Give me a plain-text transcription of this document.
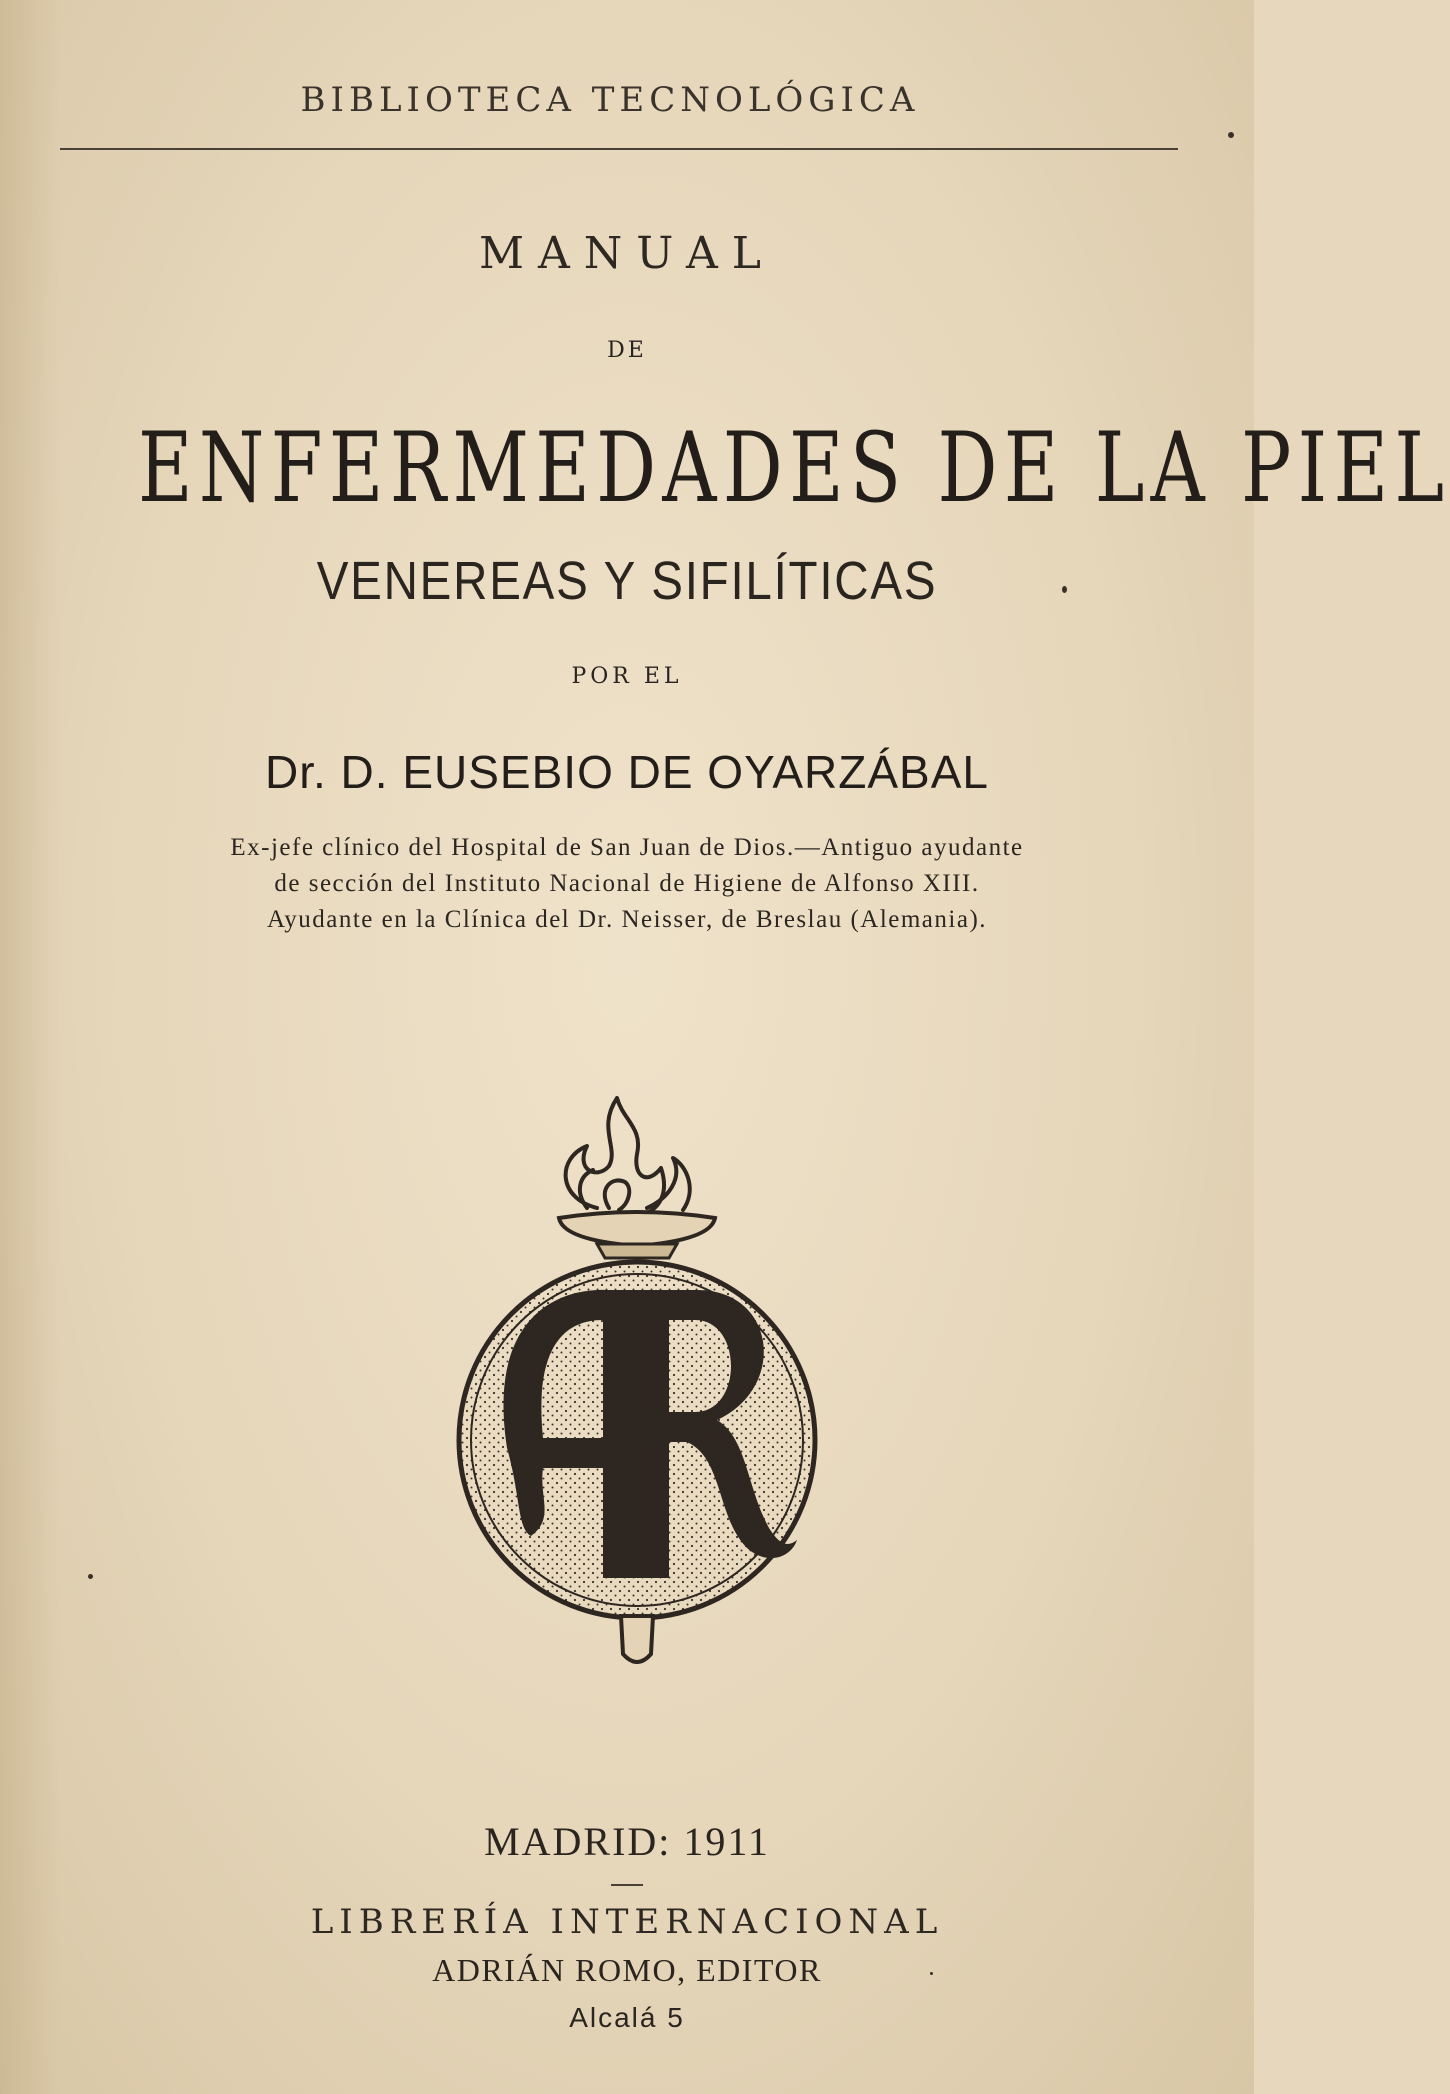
BIBLIOTECA TECNOLÓGICA
MANUAL
DE
ENFERMEDADES DE LA PIEL
VENEREAS Y SIFILÍTICAS
POR EL
Dr. D. EUSEBIO DE OYARZÁBAL
Ex-jefe clínico del Hospital de San Juan de Dios.—Antiguo ayudante
de sección del Instituto Nacional de Higiene de Alfonso XIII.
Ayudante en la Clínica del Dr. Neisser, de Breslau (Alemania).
MADRID: 1911
LIBRERÍA INTERNACIONAL
ADRIÁN ROMO, EDITOR
Alcalá 5
